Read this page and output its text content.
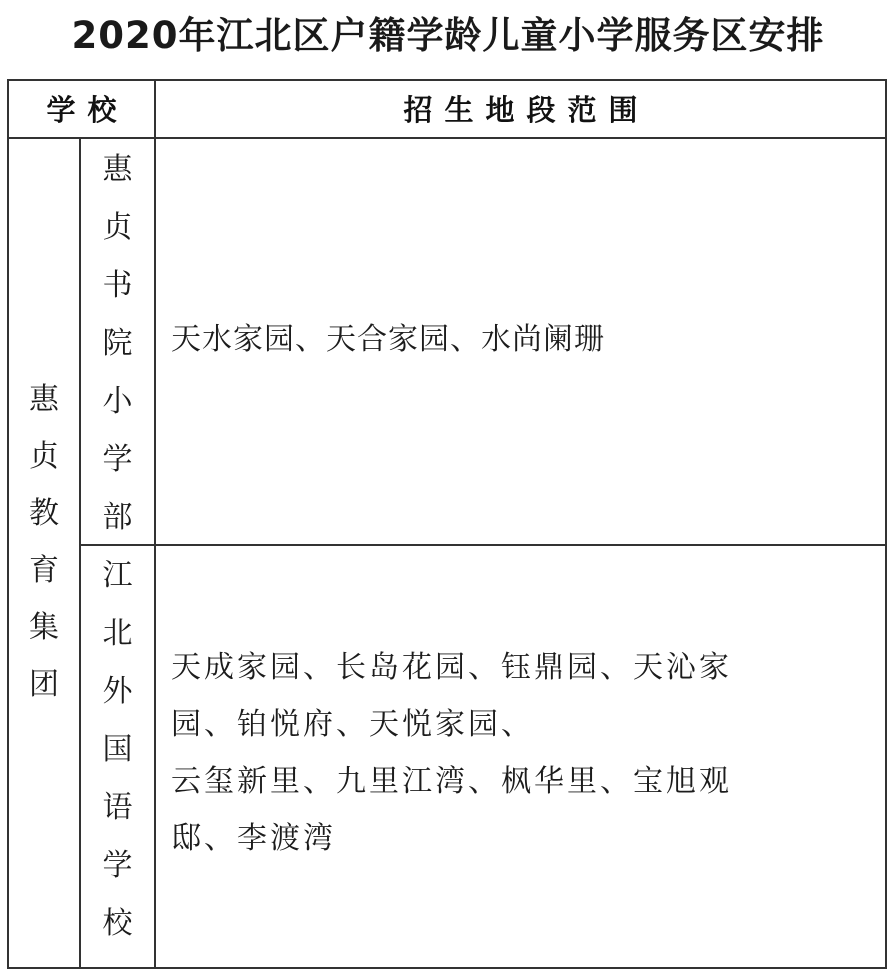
2020年江北区户籍学龄儿童小学服务区安排
学校	招生地段范围
惠
贞
教
育
集
团
惠
贞
书
院
小
学
部
江
北
外
国
语
学
校

天水家园、天合家园、水尚阑珊

天成家园、长岛花园、钰鼎园、天沁家

园、铂悦府、天悦家园、

云玺新里、九里江湾、枫华里、宝旭观

邸、李渡湾
